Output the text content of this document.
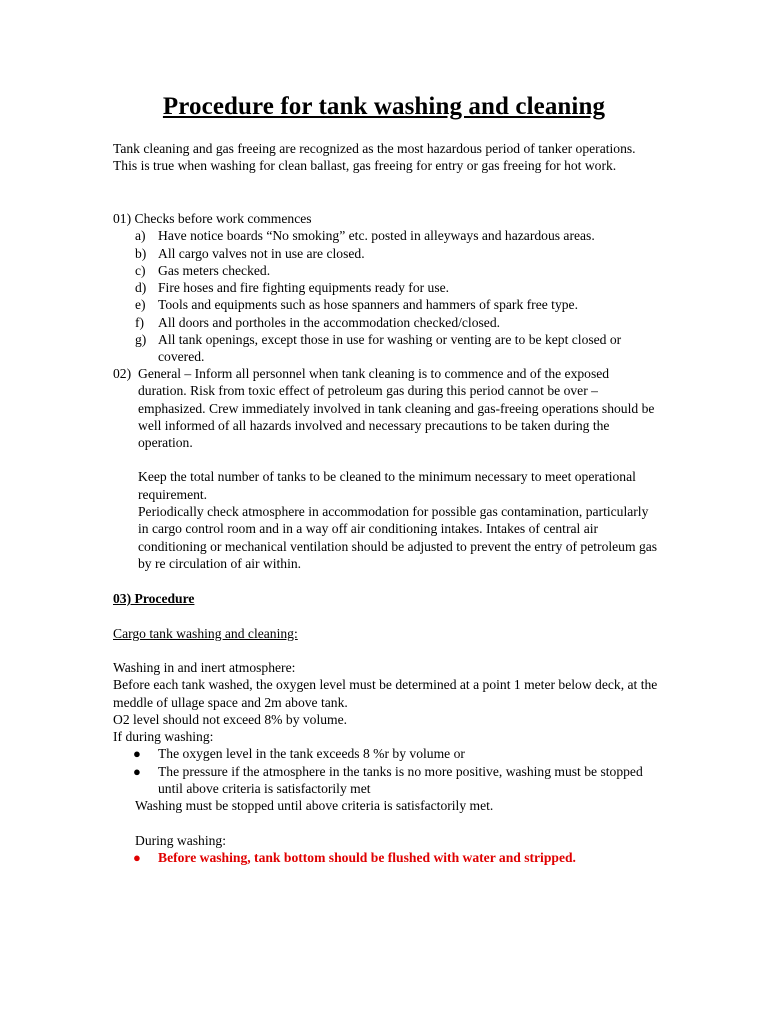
Procedure for tank washing and cleaning
Tank cleaning and gas freeing are recognized as the most hazardous period of tanker operations. This is true when washing for clean ballast, gas freeing for entry or gas freeing for hot work.
01) Checks before work commences
a) Have notice boards “No smoking” etc. posted in alleyways and hazardous areas.
b) All cargo valves not in use are closed.
c) Gas meters checked.
d) Fire hoses and fire fighting equipments ready for use.
e) Tools and equipments such as hose spanners and hammers of spark free type.
f) All doors and portholes in the accommodation checked/closed.
g) All tank openings, except those in use for washing or venting are to be kept closed or covered.
02) General – Inform all personnel when tank cleaning is to commence and of the exposed duration. Risk from toxic effect of petroleum gas during this period cannot be over – emphasized. Crew immediately involved in tank cleaning and gas-freeing operations should be well informed of all hazards involved and necessary precautions to be taken during the operation.

Keep the total number of tanks to be cleaned to the minimum necessary to meet operational requirement.

Periodically check atmosphere in accommodation for possible gas contamination, particularly in cargo control room and in a way off air conditioning intakes. Intakes of central air conditioning or mechanical ventilation should be adjusted to prevent the entry of petroleum gas by re circulation of air within.

03) Procedure
Cargo tank washing and cleaning:

Washing in and inert atmosphere:

Before each tank washed, the oxygen level must be determined at a point 1 meter below deck, at the meddle of ullage space and 2m above tank.

O2 level should not exceed 8% by volume.

If during washing:

● The oxygen level in the tank exceeds 8 %r by volume or
● The pressure if the atmosphere in the tanks is no more positive, washing must be stopped until above criteria is satisfactorily met

Washing must be stopped until above criteria is satisfactorily met.

During washing:

● Before washing, tank bottom should be flushed with water and stripped.
